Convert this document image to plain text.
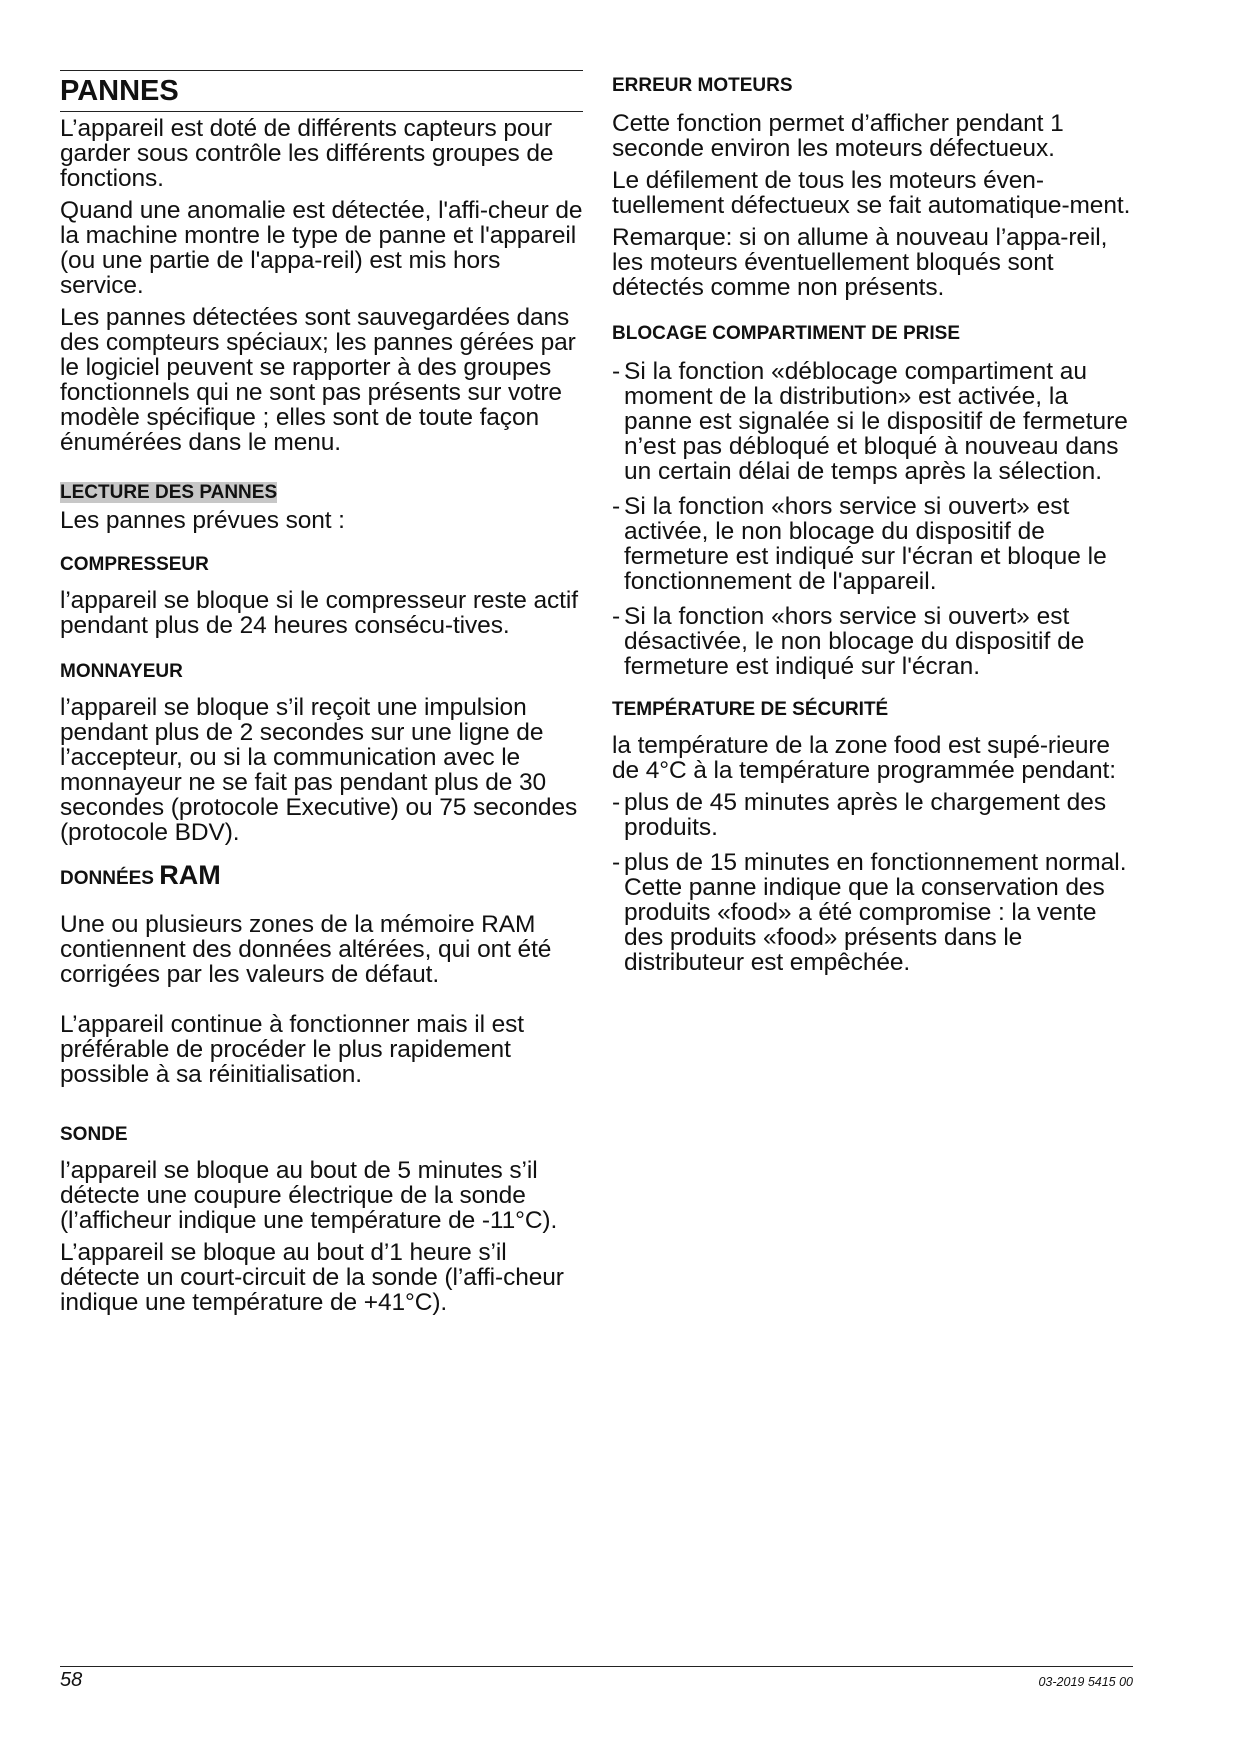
PANNES

L’appareil est doté de différents capteurs pour garder sous contrôle les différents groupes de fonctions.

Quand une anomalie est détectée, l'affi-cheur de la machine montre le type de panne et l'appareil (ou une partie de l'appa-reil) est mis hors service.

Les pannes détectées sont sauvegardées dans des compteurs spéciaux; les pannes gérées par le logiciel peuvent se rapporter à des groupes fonctionnels qui ne sont pas présents sur votre modèle spécifique ; elles sont de toute façon énumérées dans le menu.

LECTURE DES PANNES

Les pannes prévues sont :

COMPRESSEUR

l’appareil se bloque si le compresseur reste actif pendant plus de 24 heures consécu-tives.

MONNAYEUR

l’appareil se bloque s’il reçoit une impulsion pendant plus de 2 secondes sur une ligne de l’accepteur, ou si la communication avec le monnayeur ne se fait pas pendant plus de 30 secondes (protocole Executive) ou 75 secondes (protocole BDV).

DONNÉES RAM

Une ou plusieurs zones de la mémoire RAM contiennent des données altérées, qui ont été corrigées par les valeurs de défaut.

L’appareil continue à fonctionner mais il est préférable de procéder le plus rapidement possible à sa réinitialisation.

SONDE

l’appareil se bloque au bout de 5 minutes s’il détecte une coupure électrique de la sonde (l’afficheur indique une température de -11°C).

L’appareil se bloque au bout d’1 heure s’il détecte un court-circuit de la sonde (l’affi-cheur indique une température de +41°C).

ERREUR MOTEURS

Cette fonction permet d’afficher pendant 1 seconde environ les moteurs défectueux.

Le défilement de tous les moteurs éven-tuellement défectueux se fait automatique-ment.

Remarque: si on allume à nouveau l’appa-reil, les moteurs éventuellement bloqués sont détectés comme non présents.

BLOCAGE COMPARTIMENT DE PRISE
- Si la fonction «déblocage compartiment au moment de la distribution» est activée, la panne est signalée si le dispositif de fermeture n’est pas débloqué et bloqué à nouveau dans un certain délai de temps après la sélection.
- Si la fonction «hors service si ouvert» est activée, le non blocage du dispositif de fermeture est indiqué sur l'écran et bloque le fonctionnement de l'appareil.
- Si la fonction «hors service si ouvert» est désactivée, le non blocage du dispositif de fermeture est indiqué sur l'écran.
TEMPÉRATURE DE SÉCURITÉ

la température de la zone food est supé-rieure de 4°C à la température programmée pendant:

- plus de 45 minutes après le chargement des produits.
- plus de 15 minutes en fonctionnement normal.

Cette panne indique que la conservation des produits «food» a été compromise : la vente des produits «food» présents dans le distributeur est empêchée.

58	03-2019 5415 00
